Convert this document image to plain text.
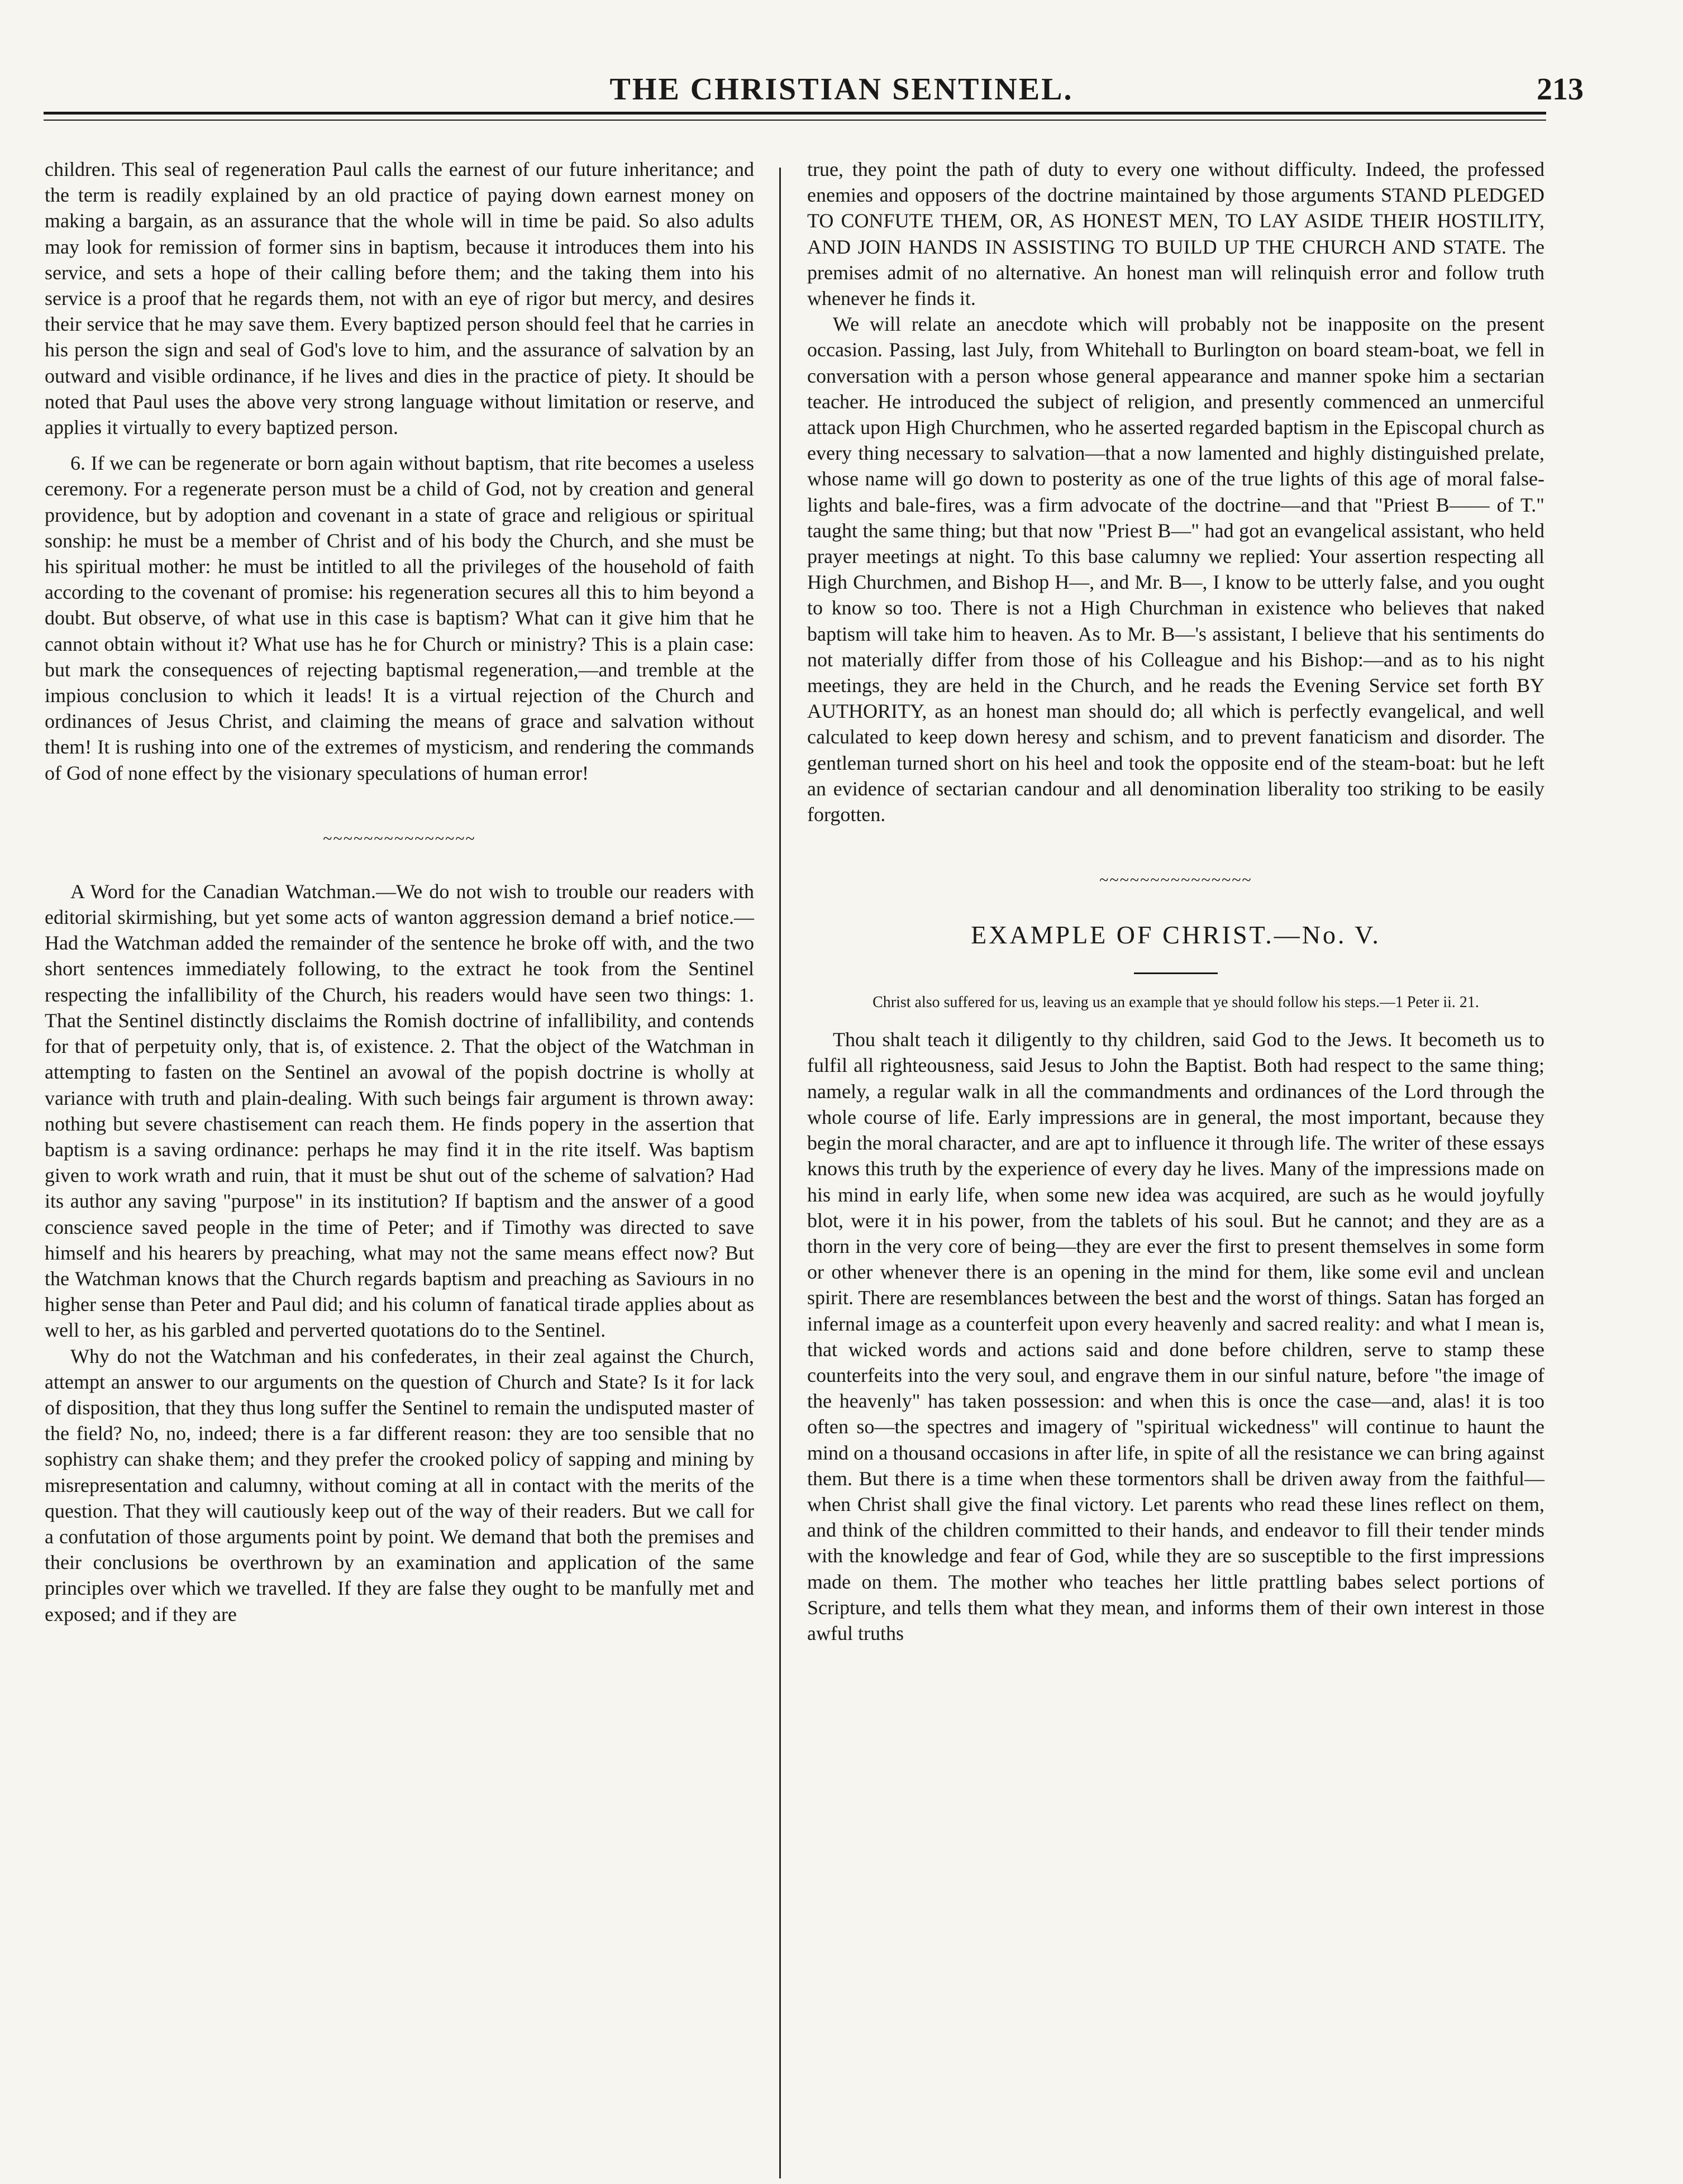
THE CHRISTIAN SENTINEL.	213

children. This seal of regeneration Paul calls the earnest of our future inheritance; and the term is readily explained by an old practice of paying down earnest money on making a bargain, as an assurance that the whole will in time be paid. So also adults may look for remission of former sins in baptism, because it introduces them into his service, and sets a hope of their calling before them; and the taking them into his service is a proof that he regards them, not with an eye of rigor but mercy, and desires their service that he may save them. Every baptized person should feel that he carries in his person the sign and seal of God's love to him, and the assurance of salvation by an outward and visible ordinance, if he lives and dies in the practice of piety. It should be noted that Paul uses the above very strong language without limitation or reserve, and applies it virtually to every baptized person.

6. If we can be regenerate or born again without baptism, that rite becomes a useless ceremony. For a regenerate person must be a child of God, not by creation and general providence, but by adoption and covenant in a state of grace and religious or spiritual sonship: he must be a member of Christ and of his body the Church, and she must be his spiritual mother: he must be intitled to all the privileges of the household of faith according to the covenant of promise: his regeneration secures all this to him beyond a doubt. But observe, of what use in this case is baptism? What can it give him that he cannot obtain without it? What use has he for Church or ministry? This is a plain case: but mark the consequences of rejecting baptismal regeneration,—and tremble at the impious conclusion to which it leads! It is a virtual rejection of the Church and ordinances of Jesus Christ, and claiming the means of grace and salvation without them! It is rushing into one of the extremes of mysticism, and rendering the commands of God of none effect by the visionary speculations of human error!

~~~~~~~~~~~~~~~

A Word for the Canadian Watchman.—We do not wish to trouble our readers with editorial skirmishing, but yet some acts of wanton aggression demand a brief notice.—Had the Watchman added the remainder of the sentence he broke off with, and the two short sentences immediately following, to the extract he took from the Sentinel respecting the infallibility of the Church, his readers would have seen two things: 1. That the Sentinel distinctly disclaims the Romish doctrine of infallibility, and contends for that of perpetuity only, that is, of existence. 2. That the object of the Watchman in attempting to fasten on the Sentinel an avowal of the popish doctrine is wholly at variance with truth and plain-dealing. With such beings fair argument is thrown away: nothing but severe chastisement can reach them. He finds popery in the assertion that baptism is a saving ordinance: perhaps he may find it in the rite itself. Was baptism given to work wrath and ruin, that it must be shut out of the scheme of salvation? Had its author any saving "purpose" in its institution? If baptism and the answer of a good conscience saved people in the time of Peter; and if Timothy was directed to save himself and his hearers by preaching, what may not the same means effect now? But the Watchman knows that the Church regards baptism and preaching as Saviours in no higher sense than Peter and Paul did; and his column of fanatical tirade applies about as well to her, as his garbled and perverted quotations do to the Sentinel.

Why do not the Watchman and his confederates, in their zeal against the Church, attempt an answer to our arguments on the question of Church and State? Is it for lack of disposition, that they thus long suffer the Sentinel to remain the undisputed master of the field? No, no, indeed; there is a far different reason: they are too sensible that no sophistry can shake them; and they prefer the crooked policy of sapping and mining by misrepresentation and calumny, without coming at all in contact with the merits of the question. That they will cautiously keep out of the way of their readers. But we call for a confutation of those arguments point by point. We demand that both the premises and their conclusions be overthrown by an examination and application of the same principles over which we travelled. If they are false they ought to be manfully met and exposed; and if they are

true, they point the path of duty to every one without difficulty. Indeed, the professed enemies and opposers of the doctrine maintained by those arguments STAND PLEDGED TO CONFUTE THEM, OR, AS HONEST MEN, TO LAY ASIDE THEIR HOSTILITY, AND JOIN HANDS IN ASSISTING TO BUILD UP THE CHURCH AND STATE. The premises admit of no alternative. An honest man will relinquish error and follow truth whenever he finds it.

We will relate an anecdote which will probably not be inapposite on the present occasion. Passing, last July, from Whitehall to Burlington on board steam-boat, we fell in conversation with a person whose general appearance and manner spoke him a sectarian teacher. He introduced the subject of religion, and presently commenced an unmerciful attack upon High Churchmen, who he asserted regarded baptism in the Episcopal church as every thing necessary to salvation—that a now lamented and highly distinguished prelate, whose name will go down to posterity as one of the true lights of this age of moral false-lights and bale-fires, was a firm advocate of the doctrine—and that "Priest B—— of T." taught the same thing; but that now "Priest B—" had got an evangelical assistant, who held prayer meetings at night. To this base calumny we replied: Your assertion respecting all High Churchmen, and Bishop H—, and Mr. B—, I know to be utterly false, and you ought to know so too. There is not a High Churchman in existence who believes that naked baptism will take him to heaven. As to Mr. B—'s assistant, I believe that his sentiments do not materially differ from those of his Colleague and his Bishop:—and as to his night meetings, they are held in the Church, and he reads the Evening Service set forth BY AUTHORITY, as an honest man should do; all which is perfectly evangelical, and well calculated to keep down heresy and schism, and to prevent fanaticism and disorder. The gentleman turned short on his heel and took the opposite end of the steam-boat: but he left an evidence of sectarian candour and all denomination liberality too striking to be easily forgotten.

~~~~~~~~~~~~~~~
EXAMPLE OF CHRIST.—No. V.
Christ also suffered for us, leaving us an example that ye should follow his steps.—1 Peter ii. 21.

Thou shalt teach it diligently to thy children, said God to the Jews. It becometh us to fulfil all righteousness, said Jesus to John the Baptist. Both had respect to the same thing; namely, a regular walk in all the commandments and ordinances of the Lord through the whole course of life. Early impressions are in general, the most important, because they begin the moral character, and are apt to influence it through life. The writer of these essays knows this truth by the experience of every day he lives. Many of the impressions made on his mind in early life, when some new idea was acquired, are such as he would joyfully blot, were it in his power, from the tablets of his soul. But he cannot; and they are as a thorn in the very core of being—they are ever the first to present themselves in some form or other whenever there is an opening in the mind for them, like some evil and unclean spirit. There are resemblances between the best and the worst of things. Satan has forged an infernal image as a counterfeit upon every heavenly and sacred reality: and what I mean is, that wicked words and actions said and done before children, serve to stamp these counterfeits into the very soul, and engrave them in our sinful nature, before "the image of the heavenly" has taken possession: and when this is once the case—and, alas! it is too often so—the spectres and imagery of "spiritual wickedness" will continue to haunt the mind on a thousand occasions in after life, in spite of all the resistance we can bring against them. But there is a time when these tormentors shall be driven away from the faithful—when Christ shall give the final victory. Let parents who read these lines reflect on them, and think of the children committed to their hands, and endeavor to fill their tender minds with the knowledge and fear of God, while they are so susceptible to the first impressions made on them. The mother who teaches her little prattling babes select portions of Scripture, and tells them what they mean, and informs them of their own interest in those awful truths
